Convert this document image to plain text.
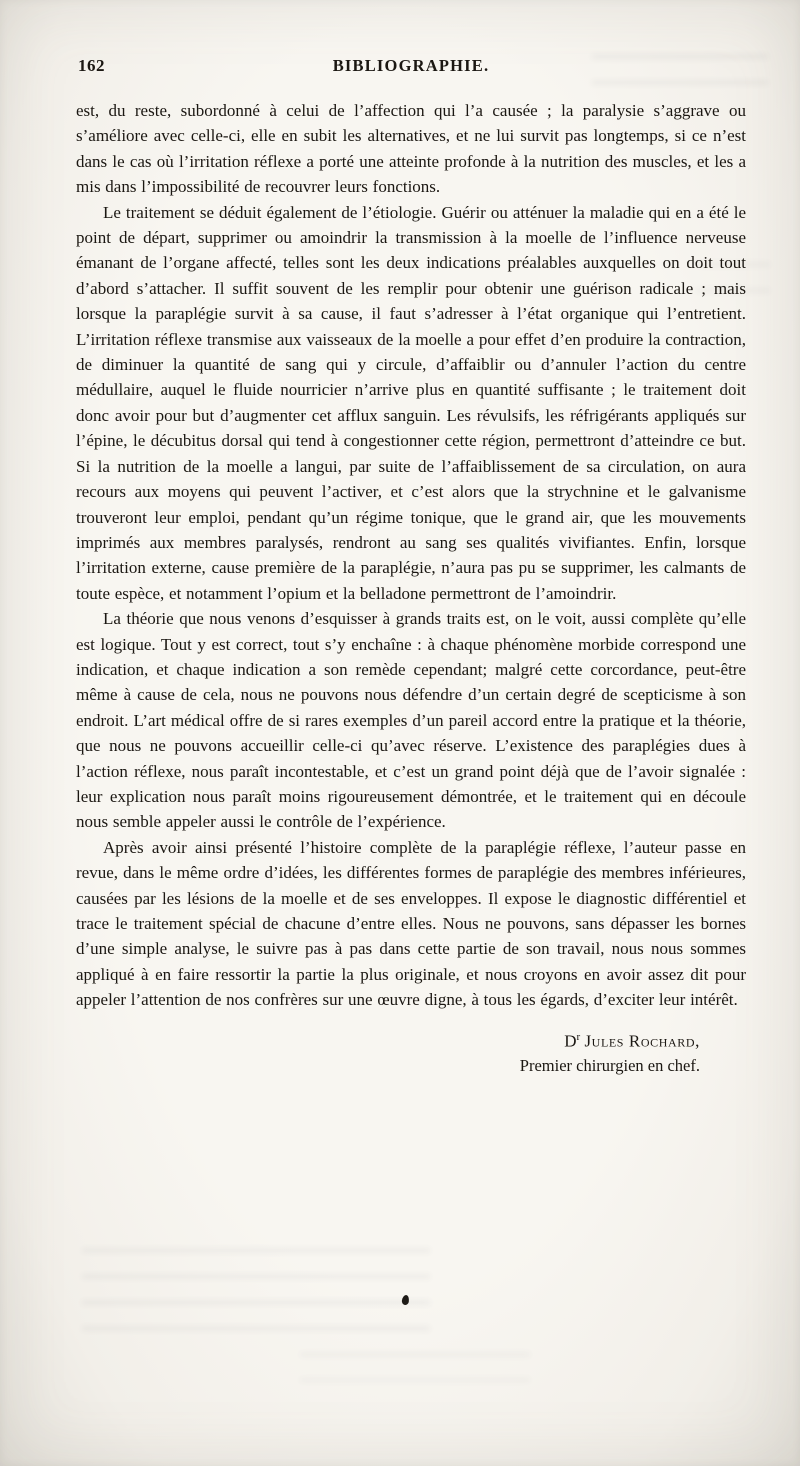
162	BIBLIOGRAPHIE.

est, du reste, subordonné à celui de l’affection qui l’a causée ; la paralysie s’aggrave ou s’améliore avec celle-ci, elle en subit les alternatives, et ne lui survit pas longtemps, si ce n’est dans le cas où l’irritation réflexe a porté une atteinte profonde à la nutrition des muscles, et les a mis dans l’impossibilité de recouvrer leurs fonctions.

Le traitement se déduit également de l’étiologie. Guérir ou atténuer la maladie qui en a été le point de départ, supprimer ou amoindrir la transmission à la moelle de l’influence nerveuse émanant de l’organe affecté, telles sont les deux indications préalables auxquelles on doit tout d’abord s’attacher. Il suffit souvent de les remplir pour obtenir une guérison radicale ; mais lorsque la paraplégie survit à sa cause, il faut s’adresser à l’état organique qui l’entretient. L’irritation réflexe transmise aux vaisseaux de la moelle a pour effet d’en produire la contraction, de diminuer la quantité de sang qui y circule, d’affaiblir ou d’annuler l’action du centre médullaire, auquel le fluide nourricier n’arrive plus en quantité suffisante ; le traitement doit donc avoir pour but d’augmenter cet afflux sanguin. Les révulsifs, les réfrigérants appliqués sur l’épine, le décubitus dorsal qui tend à congestionner cette région, permettront d’atteindre ce but. Si la nutrition de la moelle a langui, par suite de l’affaiblissement de sa circulation, on aura recours aux moyens qui peuvent l’activer, et c’est alors que la strychnine et le galvanisme trouveront leur emploi, pendant qu’un régime tonique, que le grand air, que les mouvements imprimés aux membres paralysés, rendront au sang ses qualités vivifiantes. Enfin, lorsque l’irritation externe, cause première de la paraplégie, n’aura pas pu se supprimer, les calmants de toute espèce, et notamment l’opium et la belladone permettront de l’amoindrir.

La théorie que nous venons d’esquisser à grands traits est, on le voit, aussi complète qu’elle est logique. Tout y est correct, tout s’y enchaîne : à chaque phénomène morbide correspond une indication, et chaque indication a son remède cependant; malgré cette corcordance, peut-être même à cause de cela, nous ne pouvons nous défendre d’un certain degré de scepticisme à son endroit. L’art médical offre de si rares exemples d’un pareil accord entre la pratique et la théorie, que nous ne pouvons accueillir celle-ci qu’avec réserve. L’existence des paraplégies dues à l’action réflexe, nous paraît incontestable, et c’est un grand point déjà que de l’avoir signalée : leur explication nous paraît moins rigoureusement démontrée, et le traitement qui en découle nous semble appeler aussi le contrôle de l’expérience.

Après avoir ainsi présenté l’histoire complète de la paraplégie réflexe, l’auteur passe en revue, dans le même ordre d’idées, les différentes formes de paraplégie des membres inférieures, causées par les lésions de la moelle et de ses enveloppes. Il expose le diagnostic différentiel et trace le traitement spécial de chacune d’entre elles. Nous ne pouvons, sans dépasser les bornes d’une simple analyse, le suivre pas à pas dans cette partie de son travail, nous nous sommes appliqué à en faire ressortir la partie la plus originale, et nous croyons en avoir assez dit pour appeler l’attention de nos confrères sur une œuvre digne, à tous les égards, d’exciter leur intérêt.

$D^r$ Jules Rochard,
Premier chirurgien en chef.
